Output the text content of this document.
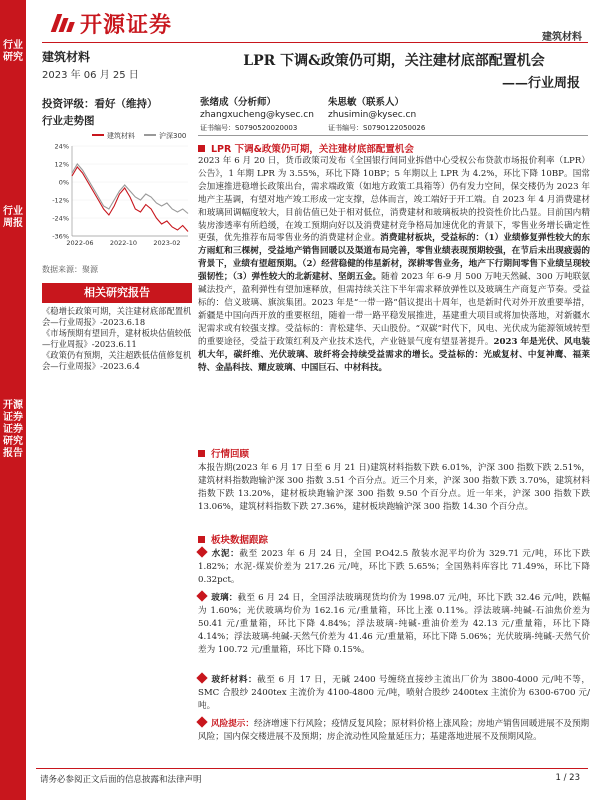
行业研究
行业周报
开源证券 证券研究报告
开源证券	建筑材料
建筑材料
2023 年 06 月 25 日
投资评级：看好（维持）
行业走势图
建筑材料	沪深300
24%
12%
0%
-12%
-24%
-36%
2022-06	2022-10	2023-02
数据来源：聚源
相关研究报告
《稳增长政策可期，关注建材底部配置机会—行业周报》-2023.6.18
《市场预期有望回升，建材板块估值较低—行业周报》-2023.6.11
《政策仍有预期，关注超跌低估值修复机会—行业周报》-2023.6.4
LPR 下调&政策仍可期，关注建材底部配置机会
——行业周报
张绪成（分析师）
zhangxucheng@kysec.cn
证书编号：S0790520020003
朱思敏（联系人）
zhusimin@kysec.cn
证书编号：S0790122050026
LPR 下调&政策仍可期，关注建材底部配置机会
2023 年 6 月 20 日，货币政策司发布《全国银行间同业拆借中心受权公布贷款市场报价利率（LPR）公告》，1 年期 LPR 为 3.55%，环比下降 10BP；5 年期以上 LPR 为 4.2%，环比下降 10BP。国常会加速推进稳增长政策出台，需求端政策（如地方政策工具箱等）仍有发力空间，保交楼仍为 2023 年地产主基调，有望对地产竣工形成一定支撑，总体而言，竣工端好于开工端。自 2023 年 4 月消费建材和玻璃回调幅度较大，目前估值已处于相对低位，消费建材和玻璃板块的投资性价比凸显。目前国内精装房渗透率有所趋缓，在竣工预期向好以及消费建材竞争格局加速优化的背景下，零售业务增长确定性更强，优先推荐布局零售业务的消费建材企业。消费建材板块，受益标的：（1）业绩修复弹性较大的东方雨虹和三棵树，受益地产销售回暖以及渠道布局完善，零售业绩表现预期较强，在节后未出现疲弱的背景下，业绩有望超预期。（2）经营稳健的伟星新材，深耕零售业务，地产下行期间零售下业绩呈现较强韧性；（3）弹性较大的北新建材、坚朗五金。随着 2023 年 6-9 月 500 万吨天然碱、300 万吨联氨碱法投产，盈利弹性有望加速释放，但需持续关注下半年需求释放弹性以及玻璃生产商复产节奏。受益标的：信义玻璃、旗滨集团。2023 年是“一带一路”倡议提出十周年，也是新时代对外开放重要举措，新疆是中国向西开放的重要枢纽，随着一带一路平稳发展推进，基建重大项目或将加快落地，对新疆水泥需求或有较强支撑。受益标的：青松建华、天山股份。“双碳”时代下，风电、光伏成为能源领域转型的重要途径，受益于政策红利及产业技术迭代，产业链景气度有望显著提升。2023 年是光伏、风电装机大年，碳纤维、光伏玻璃、玻纤将会持续受益需求的增长。受益标的：光威复材、中复神鹰、福莱特、金晶科技、耀皮玻璃、中国巨石、中材科技。
行情回顾
本报告期(2023 年 6 月 17 日至 6 月 21 日)建筑材料指数下跌 6.01%，沪深 300 指数下跌 2.51%，建筑材料指数跑输沪深 300 指数 3.51 个百分点。近三个月来，沪深 300 指数下跌 3.70%，建筑材料指数下跌 13.20%，建材板块跑输沪深 300 指数 9.50 个百分点。近一年来，沪深 300 指数下跌 13.06%，建筑材料指数下跌 27.36%，建材板块跑输沪深 300 指数 14.30 个百分点。
板块数据跟踪
水泥：截至 2023 年 6 月 24 日，全国 P.O42.5 散装水泥平均价为 329.71 元/吨，环比下跌 1.82%；水泥-煤炭价差为 217.26 元/吨，环比下跌 5.65%；全国熟料库容比 71.49%，环比下降 0.32pct。
玻璃：截至 6 月 24 日，全国浮法玻璃现货均价为 1998.07 元/吨，环比下跌 32.46 元/吨，跌幅为 1.60%；光伏玻璃均价为 162.16 元/重量箱，环比上涨 0.11%。浮法玻璃-纯碱-石油焦价差为 50.41 元/重量箱，环比下降 4.84%；浮法玻璃-纯碱-重油价差为 42.13 元/重量箱，环比下降 4.14%；浮法玻璃-纯碱-天然气价差为 41.46 元/重量箱，环比下降 5.06%；光伏玻璃-纯碱-天然气价差为 100.72 元/重量箱，环比下降 0.15%。
玻纤材料：截至 6 月 17 日，无碱 2400 号缠绕直接纱主流出厂价为 3800-4000 元/吨不等，SMC 合股纱 2400tex 主流价为 4100-4800 元/吨，喷射合股纱 2400tex 主流价为 6300-6700 元/吨。
风险提示：经济增速下行风险；疫情反复风险；原材料价格上涨风险；房地产销售回暖进展不及预期风险；国内保交楼进展不及预期；房企流动性风险量延压力；基建落地进展不及预期风险。
请务必参阅正文后面的信息披露和法律声明	1 / 23
